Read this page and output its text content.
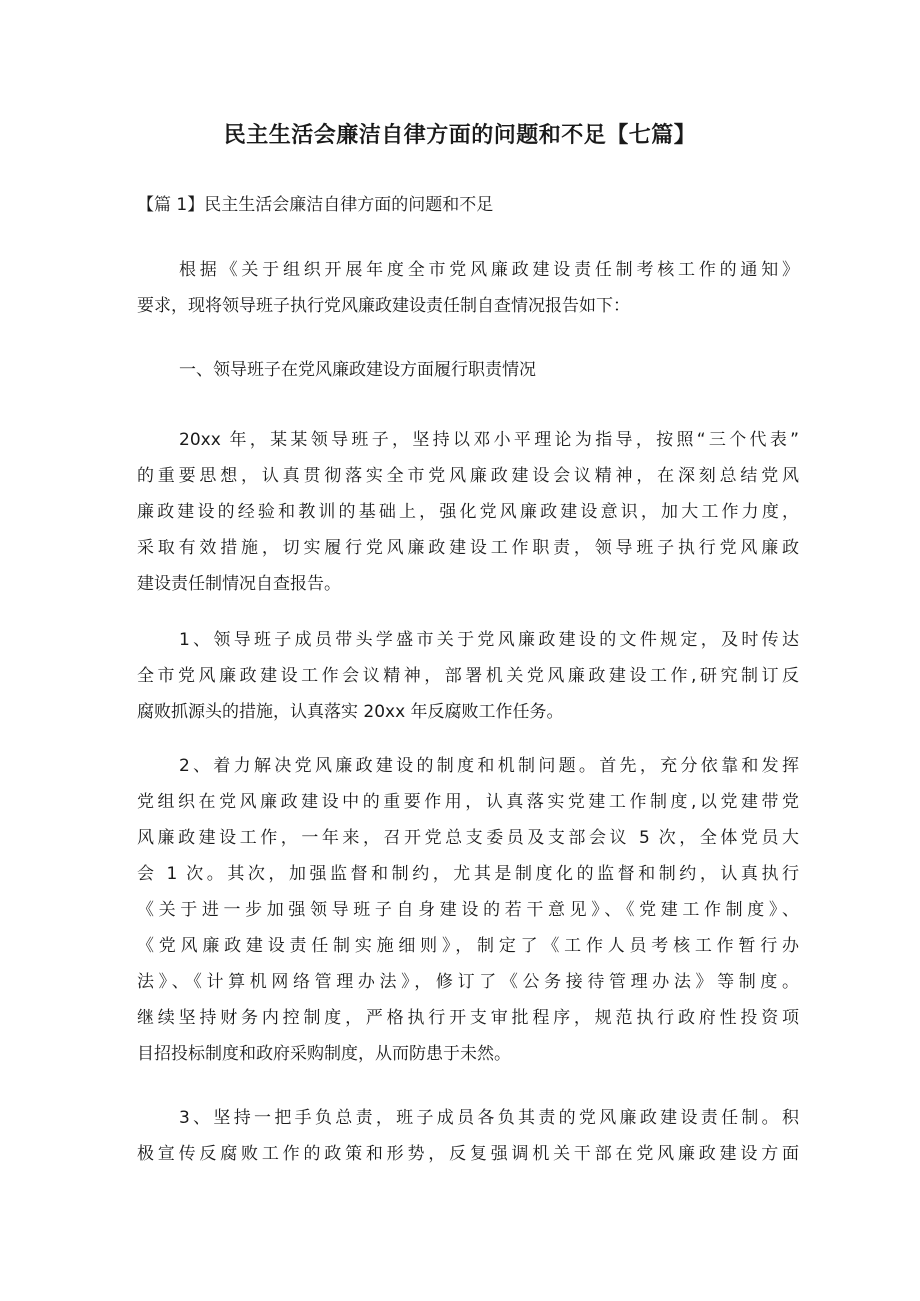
民主生活会廉洁自律方面的问题和不足【七篇】
【篇 1】民主生活会廉洁自律方面的问题和不足
根据《关于组织开展年度全市党风廉政建设责任制考核工作的通知》
要求，现将领导班子执行党风廉政建设责任制自查情况报告如下：
一、领导班子在党风廉政建设方面履行职责情况
20xx 年，某某领导班子，坚持以邓小平理论为指导，按照“三个代表”
的重要思想，认真贯彻落实全市党风廉政建设会议精神，在深刻总结党风
廉政建设的经验和教训的基础上，强化党风廉政建设意识，加大工作力度，
采取有效措施，切实履行党风廉政建设工作职责，领导班子执行党风廉政
建设责任制情况自查报告。
1、领导班子成员带头学盛市关于党风廉政建设的文件规定，及时传达
全市党风廉政建设工作会议精神，部署机关党风廉政建设工作,研究制订反
腐败抓源头的措施，认真落实 20xx 年反腐败工作任务。
2、着力解决党风廉政建设的制度和机制问题。首先，充分依靠和发挥
党组织在党风廉政建设中的重要作用，认真落实党建工作制度,以党建带党
风廉政建设工作，一年来，召开党总支委员及支部会议 5 次，全体党员大
会 1 次。其次，加强监督和制约，尤其是制度化的监督和制约，认真执行
《关于进一步加强领导班子自身建设的若干意见》、《党建工作制度》、
《党风廉政建设责任制实施细则》，制定了《工作人员考核工作暂行办
法》、《计算机网络管理办法》，修订了《公务接待管理办法》等制度。
继续坚持财务内控制度，严格执行开支审批程序，规范执行政府性投资项
目招投标制度和政府采购制度，从而防患于未然。
3、坚持一把手负总责，班子成员各负其责的党风廉政建设责任制。积
极宣传反腐败工作的政策和形势，反复强调机关干部在党风廉政建设方面
